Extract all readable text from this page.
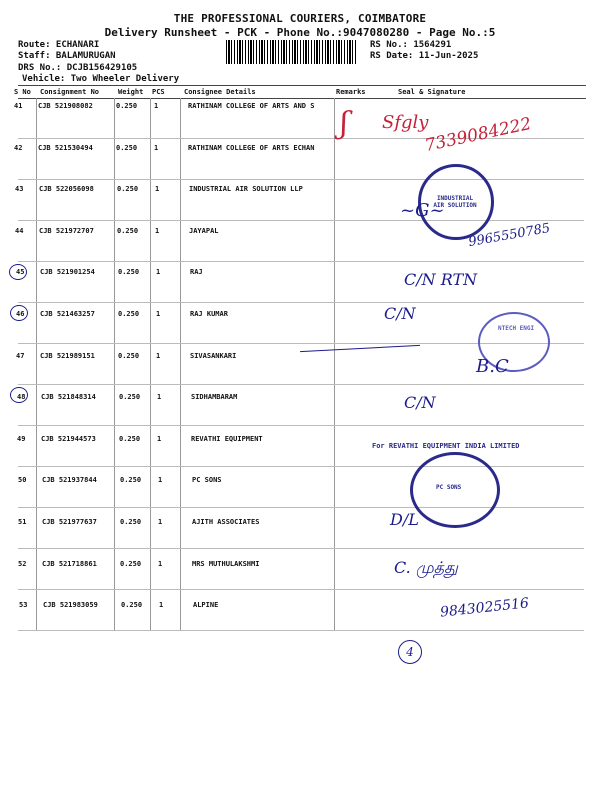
THE PROFESSIONAL COURIERS, COIMBATORE
Delivery Runsheet - PCK - Phone No.:9047080280 - Page No.:5
Route: ECHANARI
Staff: BALAMURUGAN
DRS No.: DCJB156429105
Vehicle: Two Wheeler Delivery
RS No.: 1564291
RS Date: 11-Jun-2025
S No Consignment No	Weight PCS	Consignee Details	Remarks	Seal & Signature
41 CJB 521908082	0.250 1	RATHINAM COLLEGE OF ARTS AND S
42 CJB 521530494	0.250 1	RATHINAM COLLEGE OF ARTS ECHAN
43 CJB 522056098	0.250 1	INDUSTRIAL AIR SOLUTION LLP
44 CJB 521972707	0.250 1	JAYAPAL
45 CJB 521901254	0.250 1	RAJ
46 CJB 521463257	0.250 1	RAJ KUMAR
47 CJB 521989151	0.250 1	SIVASANKARI
48 CJB 521848314	0.250 1	SIDHAMBARAM
49 CJB 521944573	0.250 1	REVATHI EQUIPMENT
50 CJB 521937844	0.250 1	PC SONS
51 CJB 521977637	0.250 1	AJITH ASSOCIATES
52 CJB 521718861	0.250 1	MRS MUTHULAKSHMI
53 CJB 521983059	0.250 1	ALPINE
ʃ Sfgly
7339084222
INDUSTRIAL AIR SOLUTION
~G~
9965550785
C/N RTN
C/N
NTECH ENGI
B.C
C/N
For REVATHI EQUIPMENT INDIA LIMITED
PC SONS
D/L
C. முத்து
9843025516
4
